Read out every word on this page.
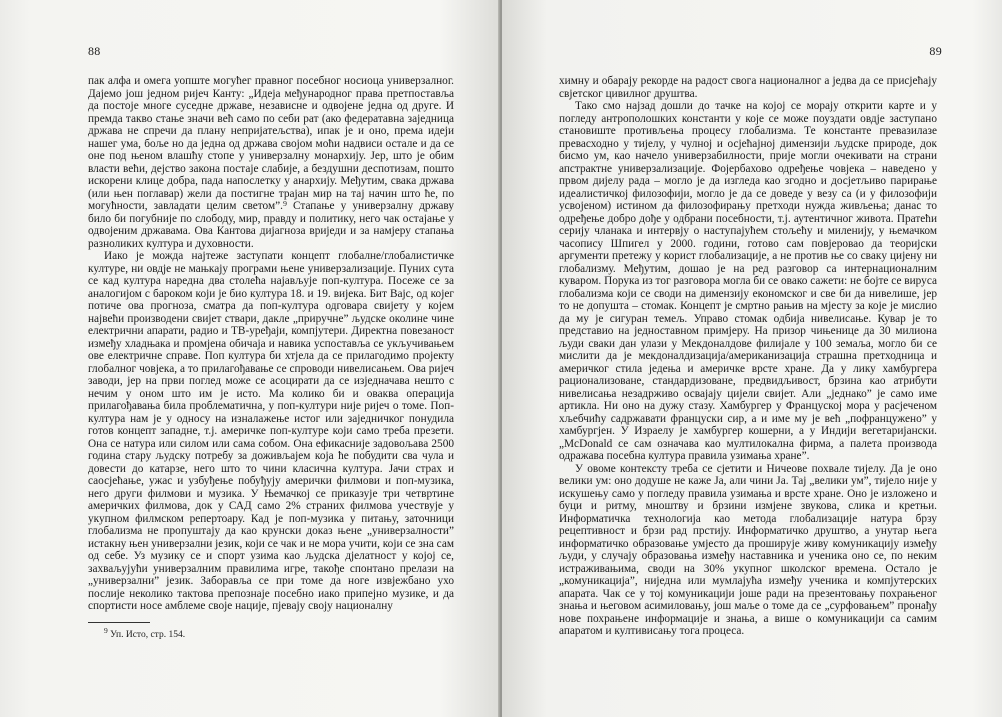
88

пак алфа и омега уопште могућег правног посебног носиоца универзалног. Дајемо још једном ријеч Канту: „Идеја међународног права претпоставља да постоје многе суседне државе, независне и одвојене једна од друге. И премда такво стање значи већ само по себи рат (ако федератавна заједница држава не спречи да плану непријатељства), ипак је и оно, према идеји нашег ума, боље но да једна од држава својом моћи надвиси остале и да се оне под њеном влашћу стопе у универзалну монархију. Јер, што је обим власти већи, дејство закона постаје слабије, а бездушни деспотизам, пошто искорени клице добра, пада напослетку у анархију. Међутим, свака држава (или њен поглавар) жели да постигне трајан мир на тај начин што ће, по могућности, завладати целим светом”.⁹ Стапање у универзалну државу било би погубније по слободу, мир, правду и политику, него чак остајање у одвојеним државама. Ова Кантова дијагноза вриједи и за намјеру стапања разноликих култура и духовности.

Иако је можда најтеже заступати концепт глобалне/глобалистичке културе, ни овдје не мањкају програми њене универзализације. Пуних сута се кад култура наредна два столећа најављује поп-култура. Посеже се за аналогијом с бароком који је био култура 18. и 19. вијека. Бит Вајс, од којег потиче ова прогноза, сматра да поп-култура одговара свијету у којем највећи производени свијет ствари, дакле „приручне” људске околине чине електрични апарати, радио и ТВ-уређаји, компјутери. Директна повезаност између хладњака и промјена обичаја и навика успоставља се укључивањем ове електричне справе. Поп култура би хтјела да се прилагодимо пројекту глобалног човјека, а то прилагођавање се спроводи нивелисањем. Ова ријеч заводи, јер на први поглед може се асоцирати да се изједначава нешто с нечим у оном што им је исто. Ма колико би и оваква операција прилагођавања била проблематична, у поп-култури није ријеч о томе. Поп-култура нам је у односу на изналажење истог или заједничког понудила готов концепт западне, т.ј. америчке поп-културе који само треба презети. Она се натура или силом или сама собом. Она ефикасније задовољава 2500 година стару људску потребу за доживљајем која ће побудити сва чула и довести до катарзе, него што то чини класична култура. Јачи страх и саосјећање, ужас и узбуђење побуђују амерички филмови и поп-музика, него други филмови и музика. У Њемачкој се приказује три четвртине америчких филмова, док у САД само 2% страних филмова учествује у укупном филмском репертоару. Кад је поп-музика у питању, заточници глобализма не пропуштају да као крунски доказ њене „универзалности” истакну њен универзални језик, који се чак и не мора учити, који се зна сам од себе. Уз музику се и спорт узима као људска дјелатност у којој се, захваљујући универзалним правилима игре, такође спонтано прелази на „универзални” језик. Заборавља се при томе да ноге извјежбано ухо послије неколико тактова препознаје посебно иако припејно музике, и да спортисти носе амблеме своје нације, пјевају своју националну

$^9$ Уп. Исто, стр. 154.
89

химну и обарају рекорде на радост свога националног а једва да се присјећају свјетског цивилног друштва.

Тако смо најзад дошли до тачке на којој се морају открити карте и у погледу антрополошких константи у које се може поуздати овдје заступано становиште противљења процесу глобализма. Те константе превазилазе превасходно у тијелу, у чулној и осјећајној димензији људске природе, док бисмо ум, као начело универзабилности, прије могли очекивати на страни апстрактне универзализације. Фојербахово одређење човјека – наведено у првом дијелу рада – могло је да изгледа као згодно и досјетљиво парирање идеалистичкој филозофији, могло је да се доведе у везу са (и у филозофији усвојеном) истином да филозофирању претходи нужда живљења; данас то одређење добро дође у одбрани посебности, т.ј. аутентичног живота. Пратећи серију чланака и интервју о наступајућем стољећу и миленију, у њемачком часопису Шпигел у 2000. години, готово сам повјеровао да теоријски аргументи претежу у корист глобализације, а не против ње со свакy цијену ни глобализму. Међутим, дошао је на ред разговор са интернационалним куваром. Порука из тог разговора могла би се овако сажети: не бојте се вируса глобализма који се своди на димензију економског и све би да нивелише, јер то не допушта – стомак. Концепт је смртно рањив на мјесту за које је мислио да му је сигуран темељ. Управо стомак одбија нивелисање. Кувар је то представио на једноставном примјеру. На призор чињенице да 30 милиона људи сваки дан улази у Мекдоналдове филијале у 100 земаља, могло би се мислити да је мекдоналдизација/американизација страшна претходница и америчког стила једења и америчке врсте хране. Да у лику хамбургера рационализоване, стандардизоване, предвидљивост, брзина као атрибути нивелисања незадрживо освајају цијели свијет. Али „једнако” је само име артикла. Ни оно на дужу стазу. Хамбургер у Француској мора у расјеченом хљебчићу садржавати француски сир, а и име му је већ „пофранцужено” у хамбургјен. У Израелу је хамбургер кошерни, а у Индији вегетаријански. „McDonald се сам означава као мултилокална фирма, а палета производа одражава посебна култура правила узимања хране”.

У овоме контексту треба се сјетити и Ничеове похвале тијелу. Да је оно велики ум: оно додуше не каже Ја, али чини Ја. Тај „велики ум”, тијело није у искушењу само у погледу правила узимања и врсте хране. Оно је изложено и буци и ритму, мноштву и брзини измјене звукова, слика и кретњи. Информатичка технологија као метода глобализације натура брзу рецептивност и брзи рад прстију. Информатичко друштво, а унутар њега информатичко образовање умјесто да проширује живу комуникацију између људи, у случају образовања између наставника и ученика оно се, по неким истраживањима, своди на 30% укупног школског времена. Остало је „комуникација”, ниједна или мумлајућа између ученика и компјутерских апарата. Чак се у тој комуникацији јоше ради на презентовању похрањеног знања и његовом асимиловању, још маље о томе да се „сурфовањем” пронађу нове похрањене информације и знања, а више о комуникацији са самим апаратом и култивисању тога процеса.
